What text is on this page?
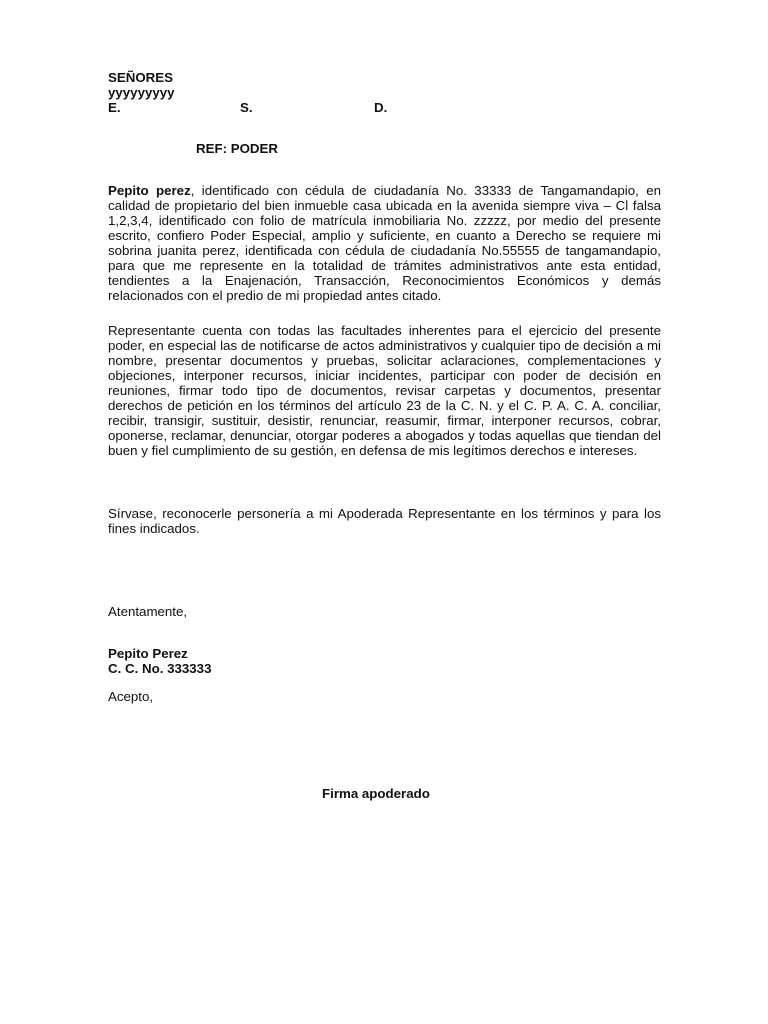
SEÑORES
yyyyyyyyy
E.	S.	D.
REF: PODER
Pepito perez, identificado con cédula de ciudadanía No. 33333 de Tangamandapio, en calidad de propietario del bien inmueble casa ubicada en la avenida siempre viva – Cl falsa 1,2,3,4, identificado con folio de matrícula inmobiliaria No. zzzzz, por medio del presente escrito, confiero Poder Especial, amplio y suficiente, en cuanto a Derecho se requiere mi sobrina juanita perez, identificada con cédula de ciudadanía No.55555 de tangamandapio, para que me represente en la totalidad de trámites administrativos ante esta entidad, tendientes a la Enajenación, Transacción, Reconocimientos Económicos y demás relacionados con el predio de mi propiedad antes citado.
Representante cuenta con todas las facultades inherentes para el ejercicio del presente poder, en especial las de notificarse de actos administrativos y cualquier tipo de decisión a mi nombre, presentar documentos y pruebas, solicitar aclaraciones, complementaciones y objeciones, interponer recursos, iniciar incidentes, participar con poder de decisión en reuniones, firmar todo tipo de documentos, revisar carpetas y documentos, presentar derechos de petición en los términos del artículo 23 de la C. N. y el C. P. A. C. A. conciliar, recibir, transigir, sustituir, desistir, renunciar, reasumir, firmar, interponer recursos, cobrar, oponerse, reclamar, denunciar, otorgar poderes a abogados y todas aquellas que tiendan del buen y fiel cumplimiento de su gestión, en defensa de mis legítimos derechos e intereses.
Sírvase, reconocerle personería a mi Apoderada Representante en los términos y para los fines indicados.
Atentamente,
Pepito Perez
C. C. No. 333333
Acepto,
Firma apoderado
